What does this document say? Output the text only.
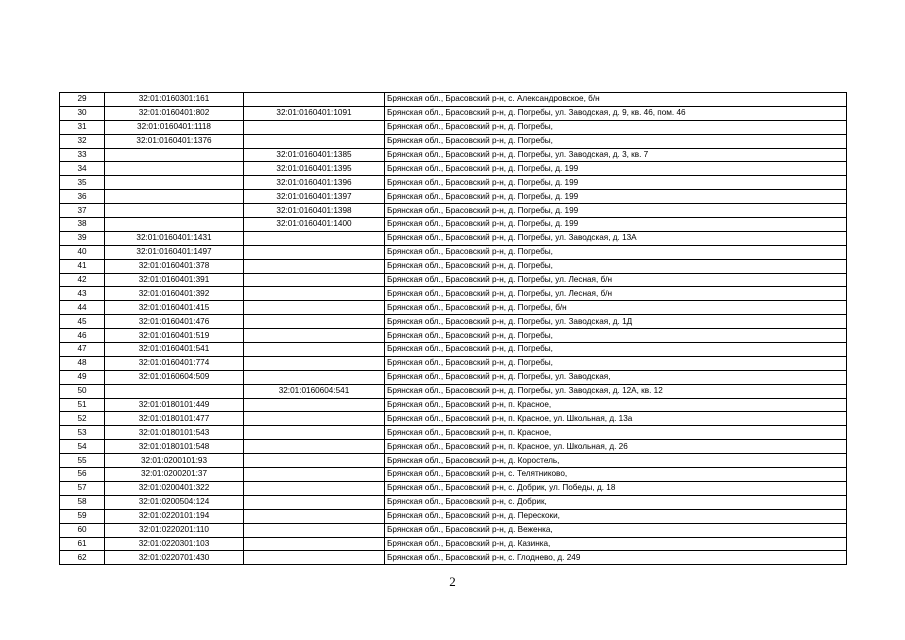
29	32:01:0160301:161		Брянская обл., Брасовский р-н, с. Александровское, б/н
30	32:01:0160401:802	32:01:0160401:1091	Брянская обл., Брасовский р-н, д. Погребы, ул. Заводская, д. 9, кв. 46, пом. 46
31	32:01:0160401:1118		Брянская обл., Брасовский р-н, д. Погребы,
32	32:01:0160401:1376		Брянская обл., Брасовский р-н, д. Погребы,
33		32:01:0160401:1385	Брянская обл., Брасовский р-н, д. Погребы, ул. Заводская, д. 3, кв. 7
34		32:01:0160401:1395	Брянская обл., Брасовский р-н, д. Погребы, д. 199
35		32:01:0160401:1396	Брянская обл., Брасовский р-н, д. Погребы, д. 199
36		32:01:0160401:1397	Брянская обл., Брасовский р-н, д. Погребы, д. 199
37		32:01:0160401:1398	Брянская обл., Брасовский р-н, д. Погребы, д. 199
38		32:01:0160401:1400	Брянская обл., Брасовский р-н, д. Погребы, д. 199
39	32:01:0160401:1431		Брянская обл., Брасовский р-н, д. Погребы, ул. Заводская, д. 13А
40	32:01:0160401:1497		Брянская обл., Брасовский р-н, д. Погребы,
41	32:01:0160401:378		Брянская обл., Брасовский р-н, д. Погребы,
42	32:01:0160401:391		Брянская обл., Брасовский р-н, д. Погребы, ул. Лесная, б/н
43	32:01:0160401:392		Брянская обл., Брасовский р-н, д. Погребы, ул. Лесная, б/н
44	32:01:0160401:415		Брянская обл., Брасовский р-н, д. Погребы, б/н
45	32:01:0160401:476		Брянская обл., Брасовский р-н, д. Погребы, ул. Заводская, д. 1Д
46	32:01:0160401:519		Брянская обл., Брасовский р-н, д. Погребы,
47	32:01:0160401:541		Брянская обл., Брасовский р-н, д. Погребы,
48	32:01:0160401:774		Брянская обл., Брасовский р-н, д. Погребы,
49	32:01:0160604:509		Брянская обл., Брасовский р-н, д. Погребы, ул. Заводская,
50		32:01:0160604:541	Брянская обл., Брасовский р-н, д. Погребы, ул. Заводская, д. 12А, кв. 12
51	32:01:0180101:449		Брянская обл., Брасовский р-н, п. Красное,
52	32:01:0180101:477		Брянская обл., Брасовский р-н, п. Красное, ул. Школьная, д. 13а
53	32:01:0180101:543		Брянская обл., Брасовский р-н, п. Красное,
54	32:01:0180101:548		Брянская обл., Брасовский р-н, п. Красное, ул. Школьная, д. 26
55	32:01:0200101:93		Брянская обл., Брасовский р-н, д. Коростель,
56	32:01:0200201:37		Брянская обл., Брасовский р-н, с. Телятниково,
57	32:01:0200401:322		Брянская обл., Брасовский р-н, с. Добрик, ул. Победы, д. 18
58	32:01:0200504:124		Брянская обл., Брасовский р-н, с. Добрик,
59	32:01:0220101:194		Брянская обл., Брасовский р-н, д. Перескоки,
60	32:01:0220201:110		Брянская обл., Брасовский р-н, д. Веженка,
61	32:01:0220301:103		Брянская обл., Брасовский р-н, д. Казинка,
62	32:01:0220701:430		Брянская обл., Брасовский р-н, с. Глоднево, д. 249
2
